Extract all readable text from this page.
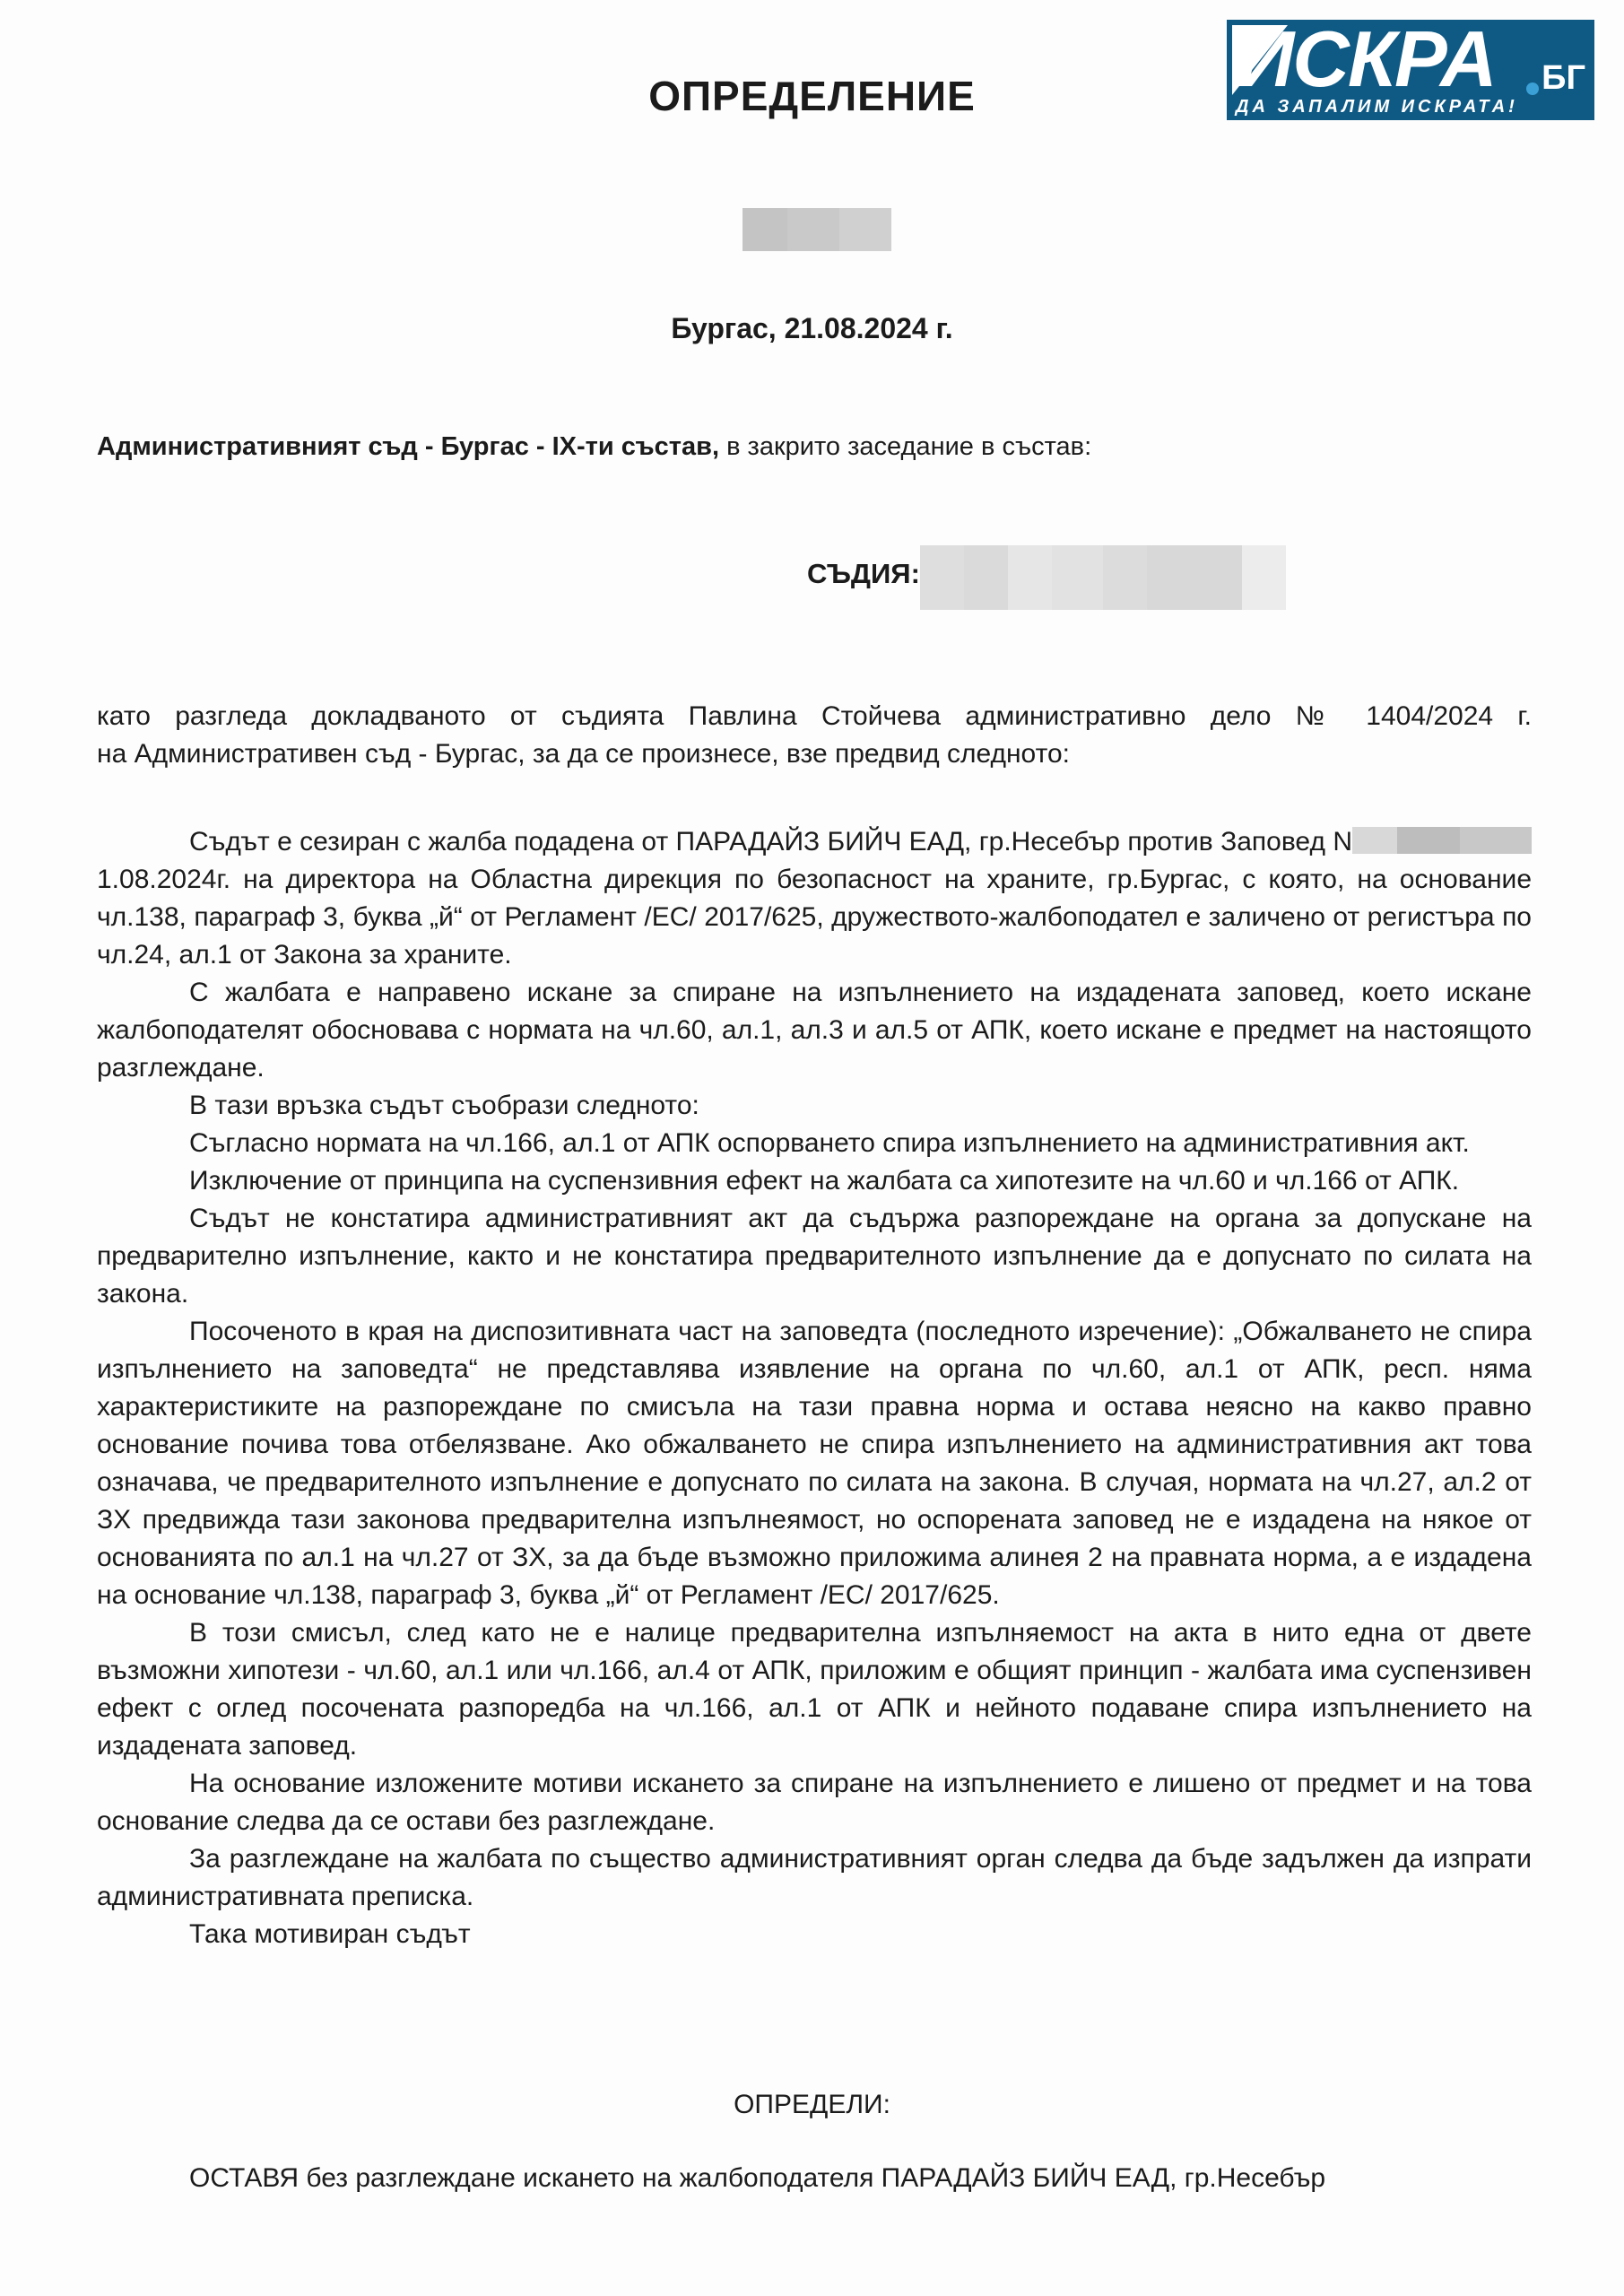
ИСКРА БГ
ДА ЗАПАЛИМ ИСКРАТА!
ОПРЕДЕЛЕНИЕ
Бургас, 21.08.2024 г.
Административният съд - Бургас - IX-ти състав, в закрито заседание в състав:
СЪДИЯ:

като разгледа докладваното от съдията Павлина Стойчева административно дело № 1404/2024 г.

на Административен съд - Бургас, за да се произнесе, взе предвид следното:

Съдът е сезиран с жалба подадена от ПАРАДАЙЗ БИЙЧ ЕАД, гр.Несебър против Заповед N1.08.2024г. на директора на Областна дирекция по безопасност на храните, гр.Бургас, с която, на основание чл.138, параграф 3, буква „й“ от Регламент /ЕС/ 2017/625, дружеството-жалбоподател е заличено от регистъра по чл.24, ал.1 от Закона за храните.

С жалбата е направено искане за спиране на изпълнението на издадената заповед, което искане жалбоподателят обосновава с нормата на чл.60, ал.1, ал.3 и ал.5 от АПК, което искане е предмет на настоящото разглеждане.

В тази връзка съдът съобрази следното:

Съгласно нормата на чл.166, ал.1 от АПК оспорването спира изпълнението на административния акт.

Изключение от принципа на суспензивния ефект на жалбата са хипотезите на чл.60 и чл.166 от АПК.

Съдът не констатира административният акт да съдържа разпореждане на органа за допускане на предварително изпълнение, както и не констатира предварителното изпълнение да е допуснато по силата на закона.

Посоченото в края на диспозитивната част на заповедта (последното изречение): „Обжалването не спира изпълнението на заповедта“ не представлява изявление на органа по чл.60, ал.1 от АПК, респ. няма характеристиките на разпореждане по смисъла на тази правна норма и остава неясно на какво правно основание почива това отбелязване. Ако обжалването не спира изпълнението на административния акт това означава, че предварителното изпълнение е допуснато по силата на закона. В случая, нормата на чл.27, ал.2 от ЗХ предвижда тази законова предварителна изпълнеямост, но оспорената заповед не е издадена на някое от основанията по ал.1 на чл.27 от ЗХ, за да бъде възможно приложима алинея 2 на правната норма, а е издадена на основание чл.138, параграф 3, буква „й“ от Регламент /ЕС/ 2017/625.

В този смисъл, след като не е налице предварителна изпълняемост на акта в нито една от двете възможни хипотези - чл.60, ал.1 или чл.166, ал.4 от АПК, приложим е общият принцип - жалбата има суспензивен ефект с оглед посочената разпоредба на чл.166, ал.1 от АПК и нейното подаване спира изпълнението на издадената заповед.

На основание изложените мотиви искането за спиране на изпълнението е лишено от предмет и на това основание следва да се остави без разглеждане.

За разглеждане на жалбата по същество административният орган следва да бъде задължен да изпрати административната преписка.

Така мотивиран съдът

ОПРЕДЕЛИ:
ОСТАВЯ без разглеждане искането на жалбоподателя ПАРАДАЙЗ БИЙЧ ЕАД, гр.Несебър
